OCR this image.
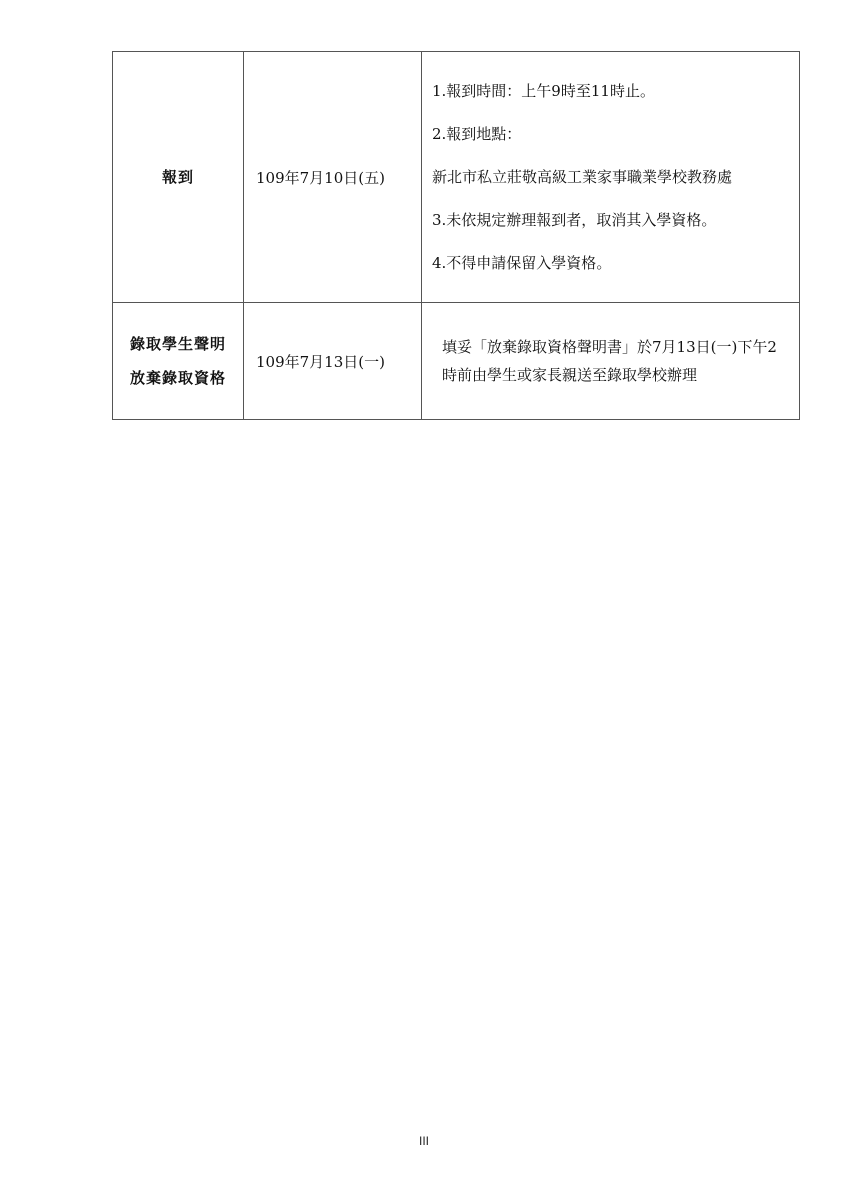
報到	109年7月10日(五)	1.報到時間：上午9時至11時止。
2.報到地點：
新北市私立莊敬高級工業家事職業學校教務處
3.未依規定辦理報到者，取消其入學資格。
4.不得申請保留入學資格。

錄取學生聲明
放棄錄取資格	109年7月13日(一)	填妥「放棄錄取資格聲明書」於7月13日(一)下午2時前由學生或家長親送至錄取學校辦理
III
